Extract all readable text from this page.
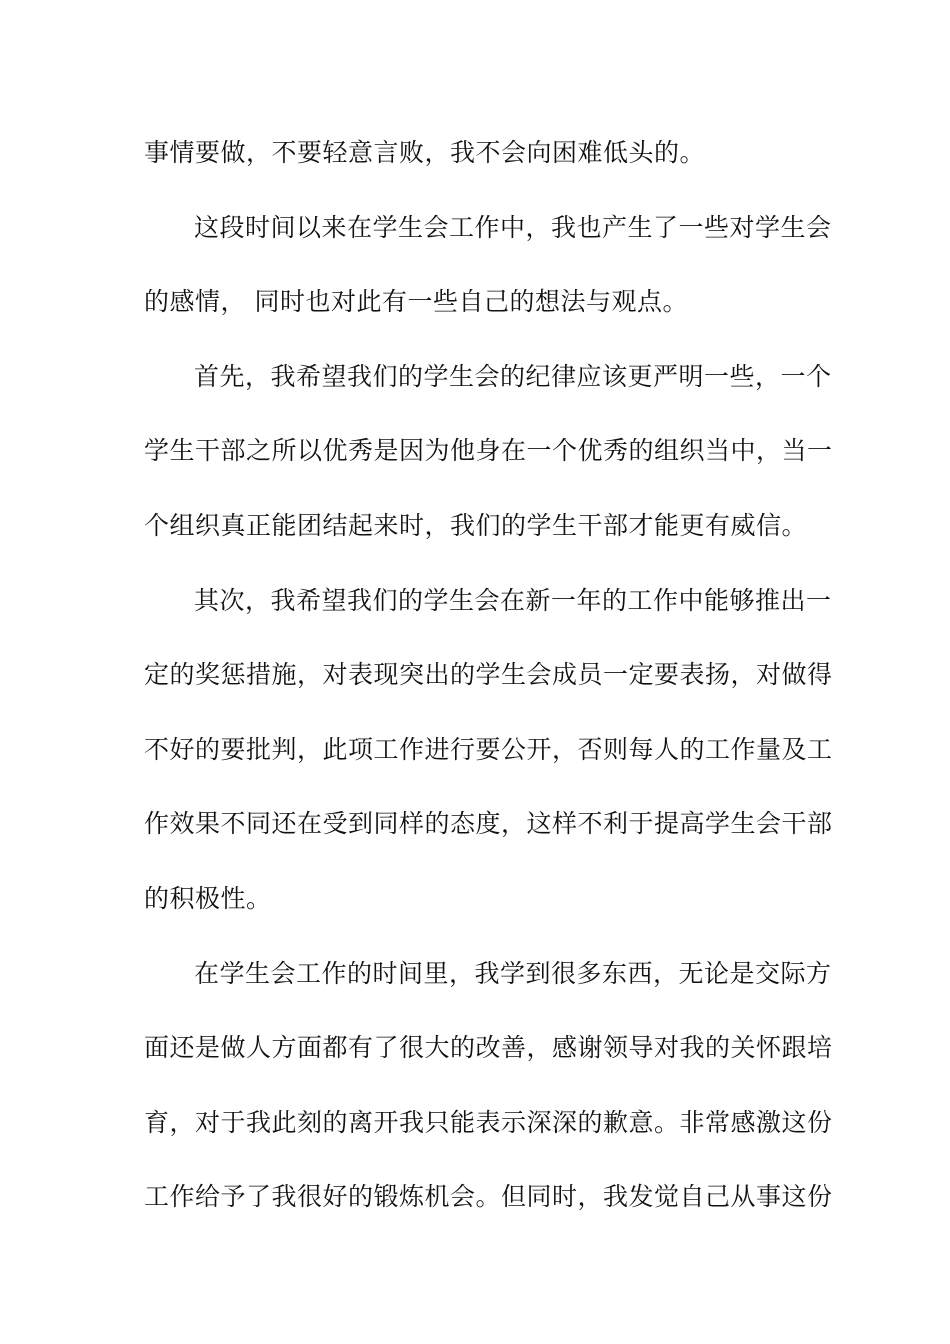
事情要做，不要轻意言败，我不会向困难低头的。
这段时间以来在学生会工作中，我也产生了一些对学生会
的感情， 同时也对此有一些自己的想法与观点。
首先，我希望我们的学生会的纪律应该更严明一些，一个
学生干部之所以优秀是因为他身在一个优秀的组织当中，当一
个组织真正能团结起来时，我们的学生干部才能更有威信。
其次，我希望我们的学生会在新一年的工作中能够推出一
定的奖惩措施，对表现突出的学生会成员一定要表扬，对做得
不好的要批判，此项工作进行要公开，否则每人的工作量及工
作效果不同还在受到同样的态度，这样不利于提高学生会干部
的积极性。
在学生会工作的时间里，我学到很多东西，无论是交际方
面还是做人方面都有了很大的改善，感谢领导对我的关怀跟培
育，对于我此刻的离开我只能表示深深的歉意。非常感激这份
工作给予了我很好的锻炼机会。但同时，我发觉自己从事这份
